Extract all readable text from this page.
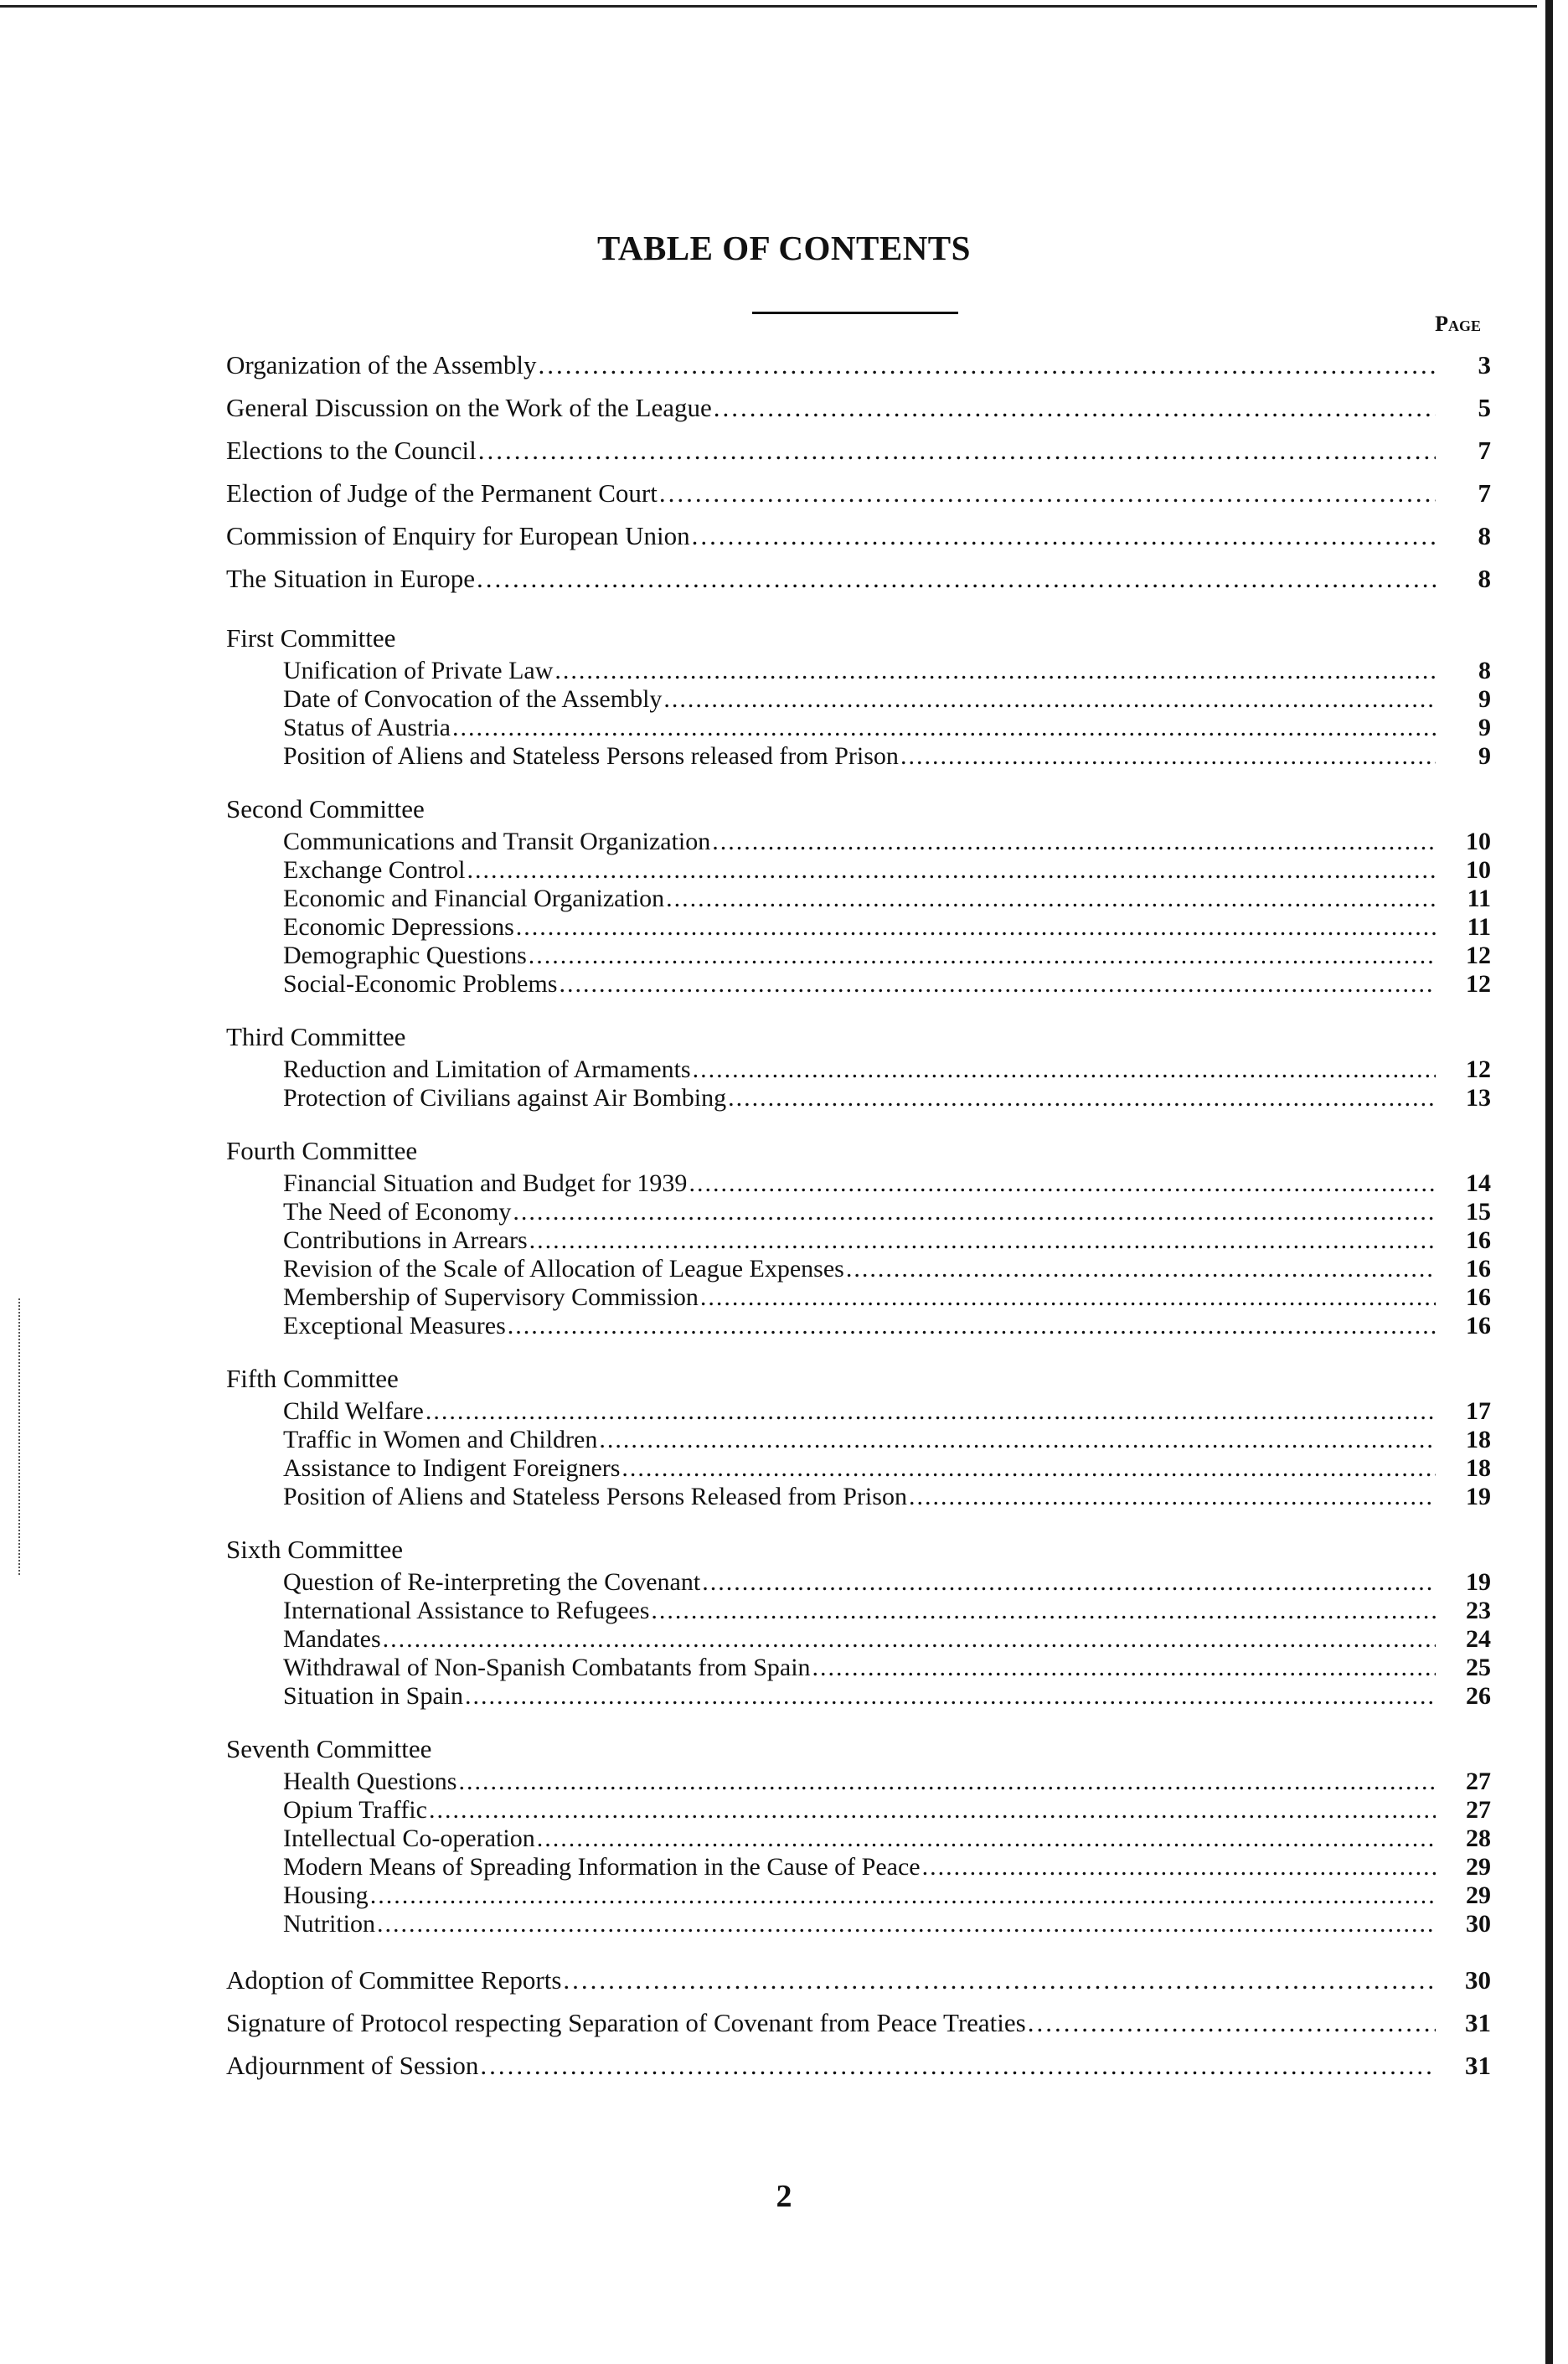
TABLE OF CONTENTS
Page
Organization of the Assembly .....	3
General Discussion on the Work of the League .....	5
Elections to the Council .....	7
Election of Judge of the Permanent Court .....	7
Commission of Enquiry for European Union .....	8
The Situation in Europe .....	8
First Committee
Unification of Private Law .....	8
Date of Convocation of the Assembly .....	9
Status of Austria .....	9
Position of Aliens and Stateless Persons released from Prison .....	9
Second Committee
Communications and Transit Organization .....	10
Exchange Control .....	10
Economic and Financial Organization .....	11
Economic Depressions .....	11
Demographic Questions .....	12
Social-Economic Problems .....	12
Third Committee
Reduction and Limitation of Armaments .....	12
Protection of Civilians against Air Bombing .....	13
Fourth Committee
Financial Situation and Budget for 1939 .....	14
The Need of Economy .....	15
Contributions in Arrears .....	16
Revision of the Scale of Allocation of League Expenses .....	16
Membership of Supervisory Commission .....	16
Exceptional Measures .....	16
Fifth Committee
Child Welfare .....	17
Traffic in Women and Children .....	18
Assistance to Indigent Foreigners .....	18
Position of Aliens and Stateless Persons Released from Prison .....	19
Sixth Committee
Question of Re-interpreting the Covenant .....	19
International Assistance to Refugees .....	23
Mandates .....	24
Withdrawal of Non-Spanish Combatants from Spain .....	25
Situation in Spain .....	26
Seventh Committee
Health Questions .....	27
Opium Traffic .....	27
Intellectual Co-operation .....	28
Modern Means of Spreading Information in the Cause of Peace .....	29
Housing .....	29
Nutrition .....	30
Adoption of Committee Reports .....	30
Signature of Protocol respecting Separation of Covenant from Peace Treaties .....	31
Adjournment of Session .....	31
2
